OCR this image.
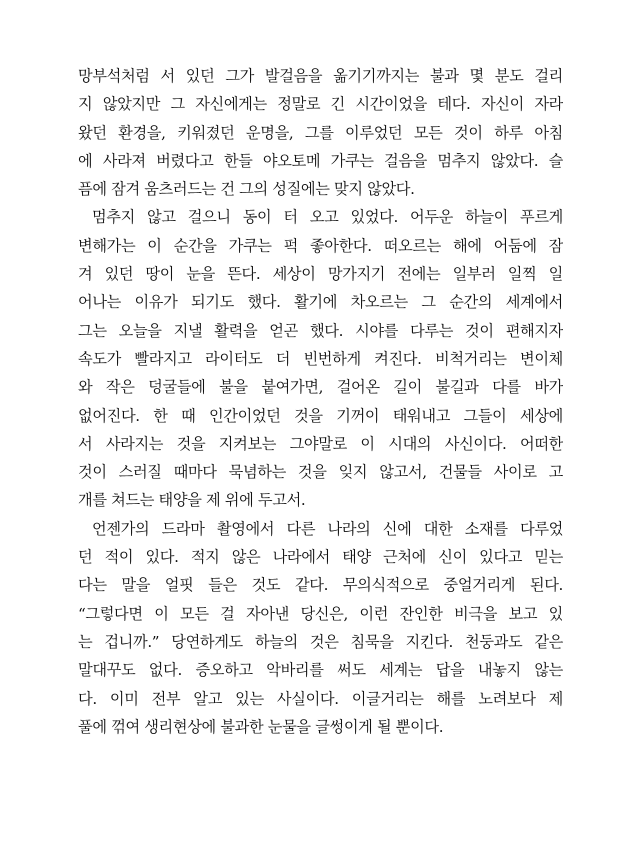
망부석처럼 서 있던 그가 발걸음을 옮기기까지는 불과 몇 분도 걸리
지 않았지만 그 자신에게는 정말로 긴 시간이었을 테다. 자신이 자라
왔던 환경을, 키워졌던 운명을, 그를 이루었던 모든 것이 하루 아침
에 사라져 버렸다고 한들 야오토메 가쿠는 걸음을 멈추지 않았다. 슬
픔에 잠겨 움츠러드는 건 그의 성질에는 맞지 않았다.
멈추지 않고 걸으니 동이 터 오고 있었다. 어두운 하늘이 푸르게
변해가는 이 순간을 가쿠는 퍽 좋아한다. 떠오르는 해에 어둠에 잠
겨 있던 땅이 눈을 뜬다. 세상이 망가지기 전에는 일부러 일찍 일
어나는 이유가 되기도 했다. 활기에 차오르는 그 순간의 세계에서
그는 오늘을 지낼 활력을 얻곤 했다. 시야를 다루는 것이 편해지자
속도가 빨라지고 라이터도 더 빈번하게 켜진다. 비척거리는 변이체
와 작은 덩굴들에 불을 붙여가면, 걸어온 길이 불길과 다를 바가
없어진다. 한 때 인간이었던 것을 기꺼이 태워내고 그들이 세상에
서 사라지는 것을 지켜보는 그야말로 이 시대의 사신이다. 어떠한
것이 스러질 때마다 묵념하는 것을 잊지 않고서, 건물들 사이로 고
개를 쳐드는 태양을 제 위에 두고서.
언젠가의 드라마 촬영에서 다른 나라의 신에 대한 소재를 다루었
던 적이 있다. 적지 않은 나라에서 태양 근처에 신이 있다고 믿는
다는 말을 얼핏 들은 것도 같다. 무의식적으로 중얼거리게 된다.
“그렇다면 이 모든 걸 자아낸 당신은, 이런 잔인한 비극을 보고 있
는 겁니까.” 당연하게도 하늘의 것은 침묵을 지킨다. 천둥과도 같은
말대꾸도 없다. 증오하고 악바리를 써도 세계는 답을 내놓지 않는
다. 이미 전부 알고 있는 사실이다. 이글거리는 해를 노려보다 제
풀에 꺾여 생리현상에 불과한 눈물을 글썽이게 될 뿐이다.
